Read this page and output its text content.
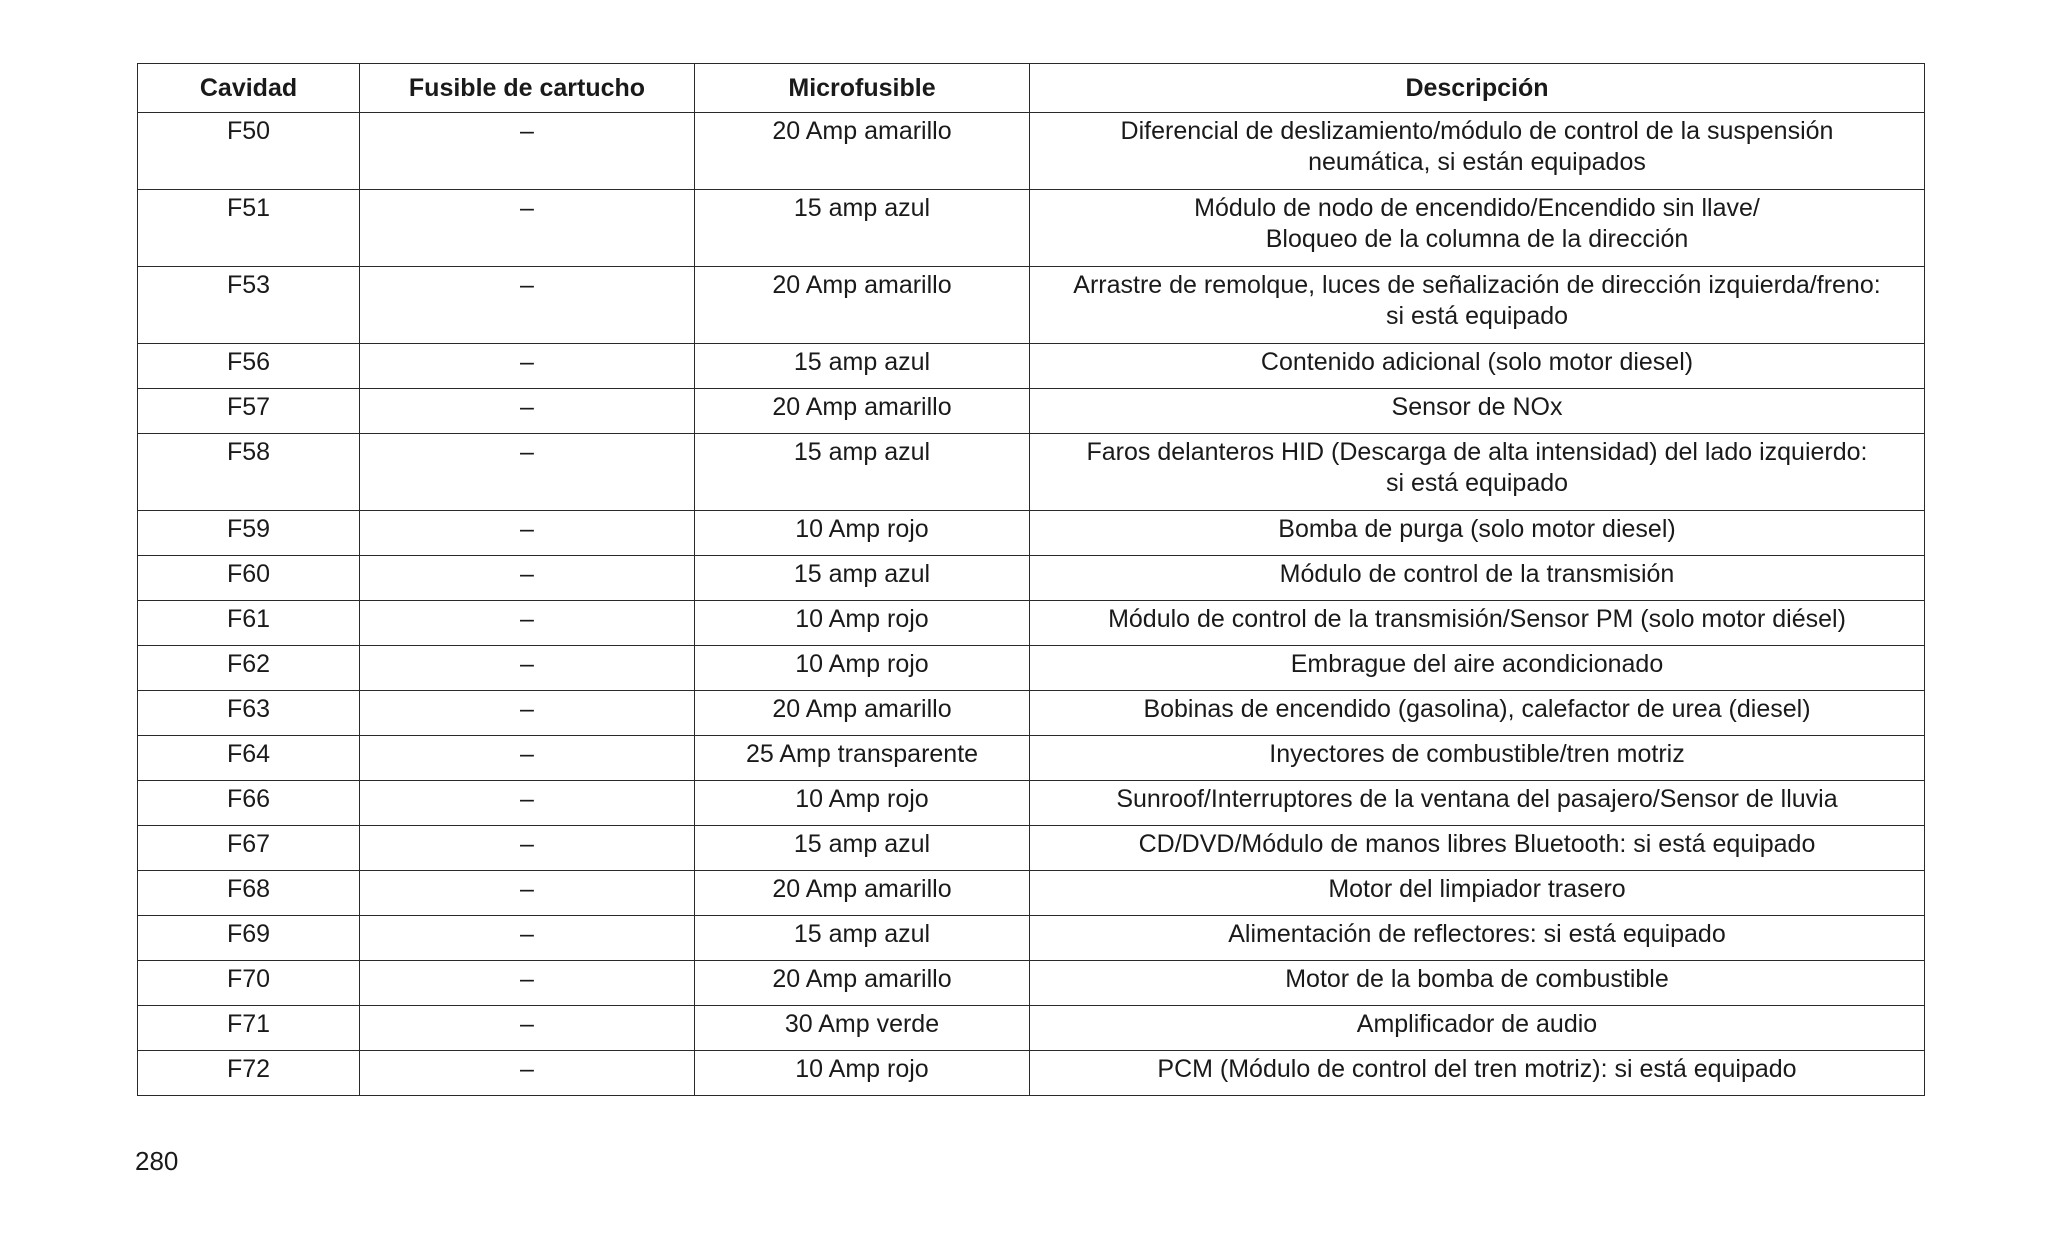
Cavidad	Fusible de cartucho	Microfusible	Descripción
F50	–	20 Amp amarillo	Diferencial de deslizamiento/módulo de control de la suspensión
neumática, si están equipados
F51	–	15 amp azul	Módulo de nodo de encendido/Encendido sin llave/
Bloqueo de la columna de la dirección
F53	–	20 Amp amarillo	Arrastre de remolque, luces de señalización de dirección izquierda/freno:
si está equipado
F56	–	15 amp azul	Contenido adicional (solo motor diesel)
F57	–	20 Amp amarillo	Sensor de NOx
F58	–	15 amp azul	Faros delanteros HID (Descarga de alta intensidad) del lado izquierdo:
si está equipado
F59	–	10 Amp rojo	Bomba de purga (solo motor diesel)
F60	–	15 amp azul	Módulo de control de la transmisión
F61	–	10 Amp rojo	Módulo de control de la transmisión/Sensor PM (solo motor diésel)
F62	–	10 Amp rojo	Embrague del aire acondicionado
F63	–	20 Amp amarillo	Bobinas de encendido (gasolina), calefactor de urea (diesel)
F64	–	25 Amp transparente	Inyectores de combustible/tren motriz
F66	–	10 Amp rojo	Sunroof/Interruptores de la ventana del pasajero/Sensor de lluvia
F67	–	15 amp azul	CD/DVD/Módulo de manos libres Bluetooth: si está equipado
F68	–	20 Amp amarillo	Motor del limpiador trasero
F69	–	15 amp azul	Alimentación de reflectores: si está equipado
F70	–	20 Amp amarillo	Motor de la bomba de combustible
F71	–	30 Amp verde	Amplificador de audio
F72	–	10 Amp rojo	PCM (Módulo de control del tren motriz): si está equipado
280
